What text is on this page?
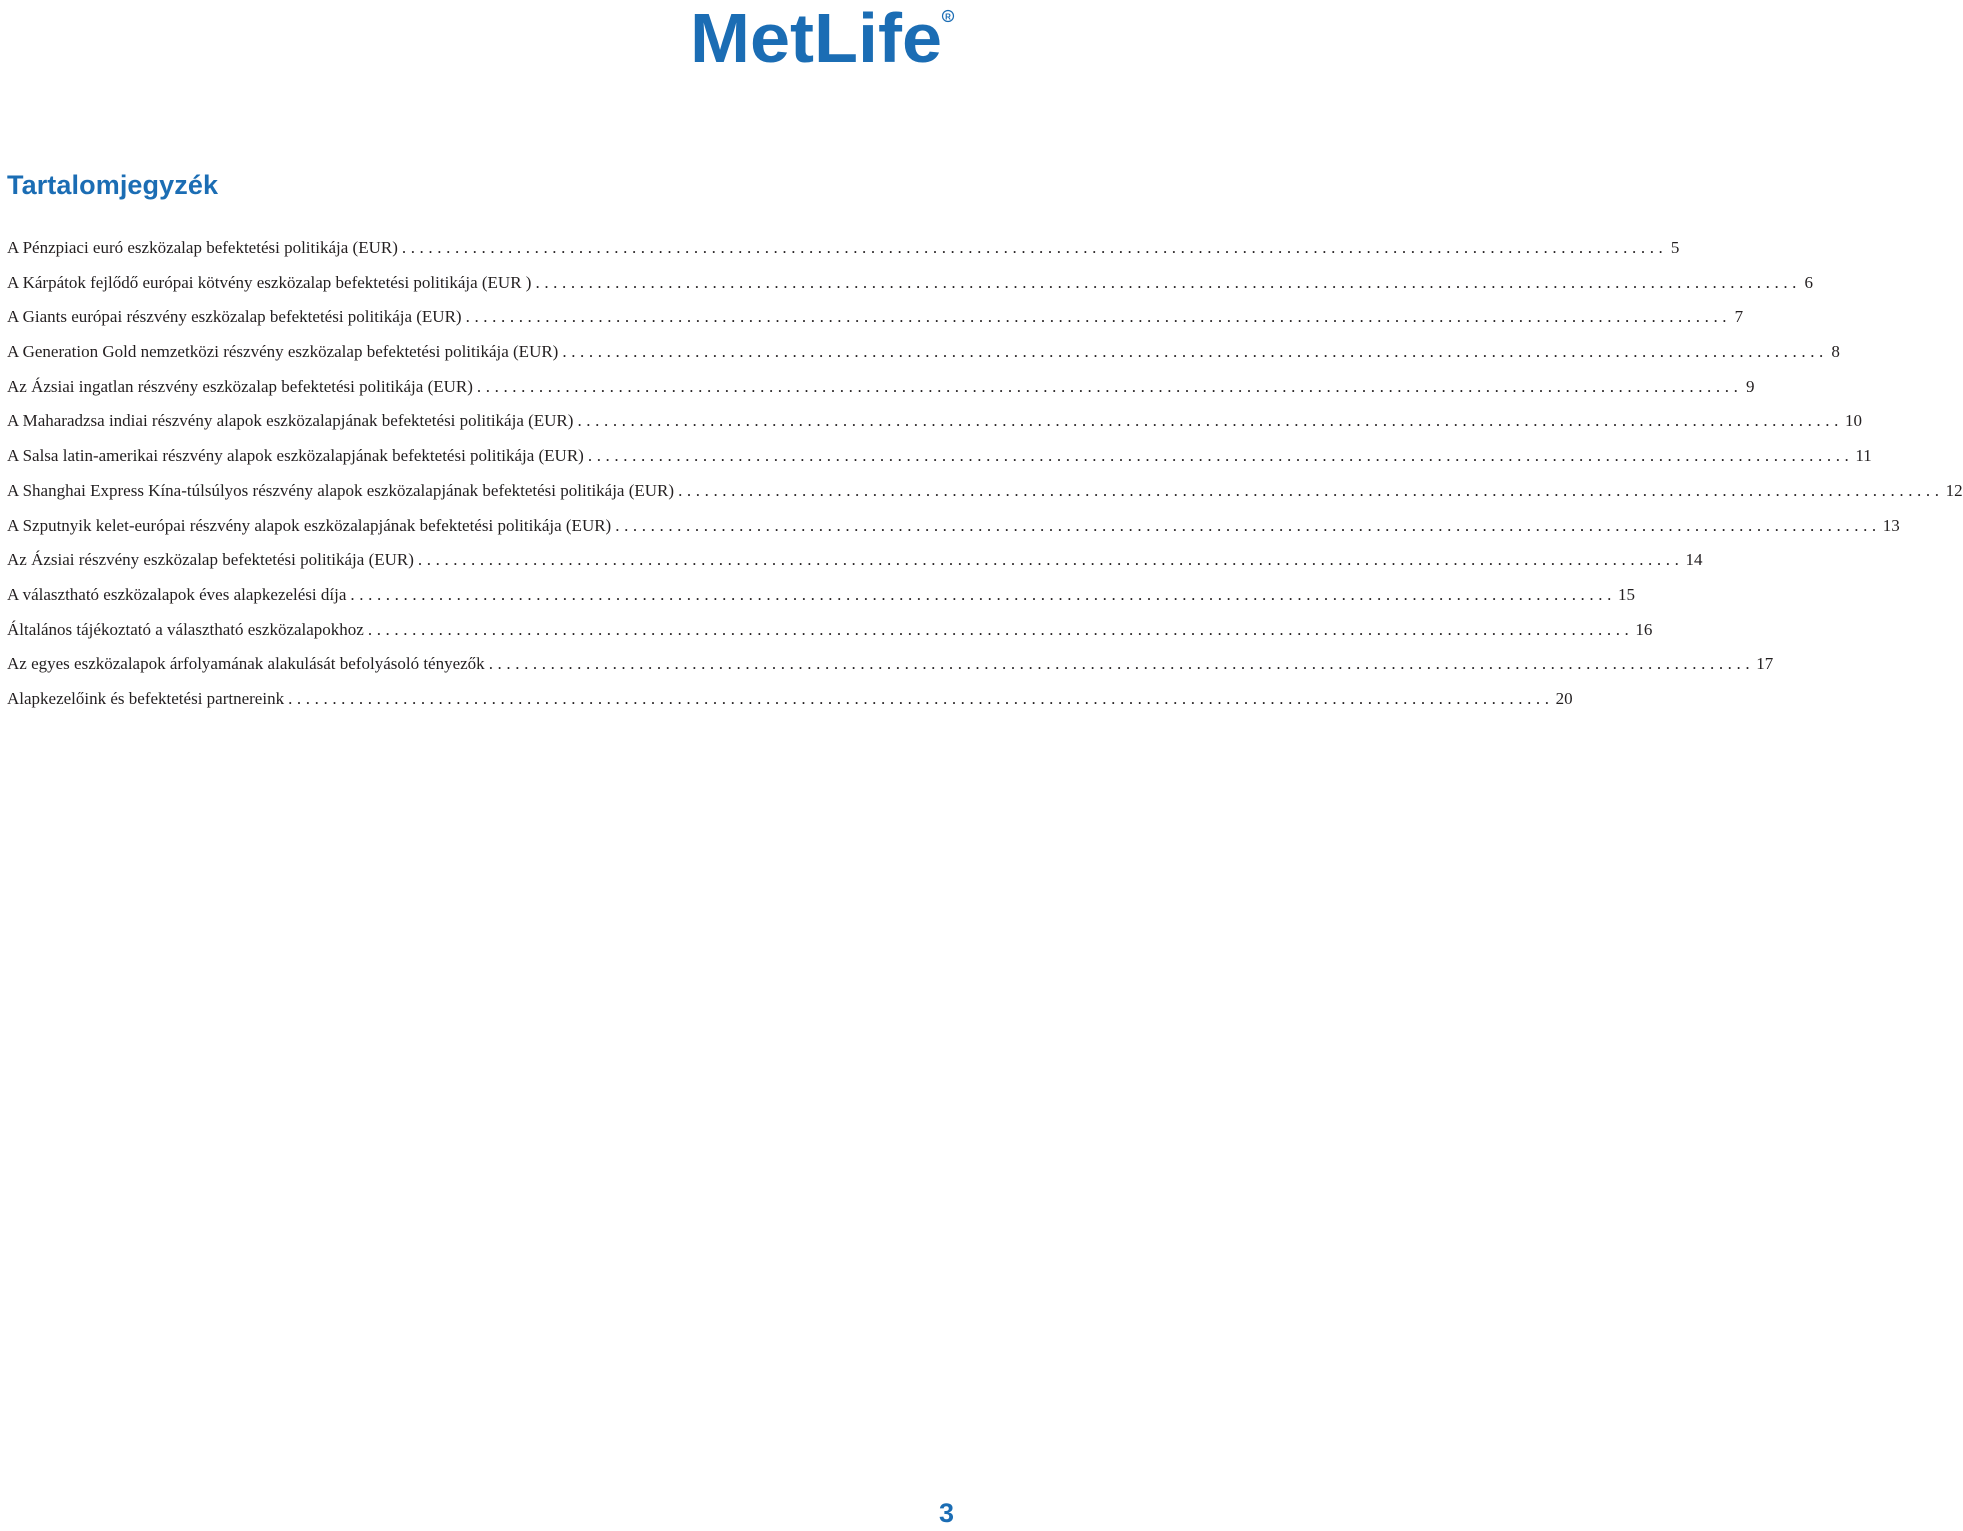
MetLife R
Tartalomjegyzék
A Pénzpiaci euró eszközalap befektetési politikája (EUR) ............................................................................................................................................... 5
A Kárpátok fejlődő európai kötvény eszközalap befektetési politikája (EUR ) ............................................................................................................................................... 6
A Giants európai részvény eszközalap befektetési politikája (EUR) ............................................................................................................................................... 7
A Generation Gold nemzetközi részvény eszközalap befektetési politikája (EUR) ............................................................................................................................................... 8
Az Ázsiai ingatlan részvény eszközalap befektetési politikája (EUR) ............................................................................................................................................... 9
A Maharadzsa indiai részvény alapok eszközalapjának befektetési politikája (EUR) ............................................................................................................................................... 10
A Salsa latin-amerikai részvény alapok eszközalapjának befektetési politikája (EUR) ............................................................................................................................................... 11
A Shanghai Express Kína-túlsúlyos részvény alapok eszközalapjának befektetési politikája (EUR) ............................................................................................................................................... 12
A Szputnyik kelet-európai részvény alapok eszközalapjának befektetési politikája (EUR) ............................................................................................................................................... 13
Az Ázsiai részvény eszközalap befektetési politikája (EUR) ............................................................................................................................................... 14
A választható eszközalapok éves alapkezelési díja ............................................................................................................................................... 15
Általános tájékoztató a választható eszközalapokhoz ............................................................................................................................................... 16
Az egyes eszközalapok árfolyamának alakulását befolyásoló tényezők ............................................................................................................................................... 17
Alapkezelőink és befektetési partnereink ............................................................................................................................................... 20
3
